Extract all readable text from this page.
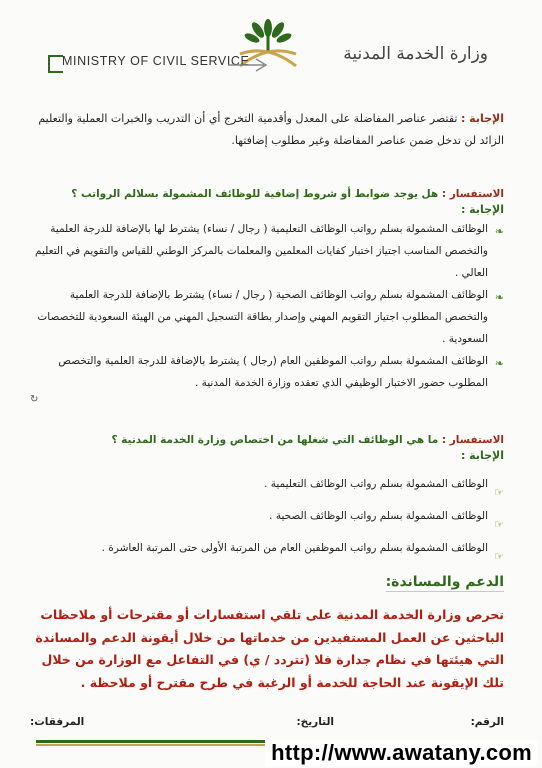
MINISTRY OF CIVIL SERVICE	وزارة الخدمة المدنية
الإجابة : تقتصر عناصر المفاضلة على المعدل وأقدمية التخرج أي أن التدريب والخبرات العملية والتعليم الزائد لن تدخل ضمن عناصر المفاضلة وغير مطلوب إضافتها.
الاستفسار : هل يوجد ضوابط أو شروط إضافية للوظائف المشمولة بسلالم الرواتب ؟
الإجابة :
❧
الوظائف المشمولة بسلم رواتب الوظائف التعليمية ( رجال / نساء) يشترط لها بالإضافة للدرجة العلمية والتخصص المناسب اجتياز اختبار كفايات المعلمين والمعلمات بالمركز الوطني للقياس والتقويم في التعليم العالي .
❧
الوظائف المشمولة بسلم رواتب الوظائف الصحية ( رجال / نساء) يشترط بالإضافة للدرجة العلمية والتخصص المطلوب اجتياز التقويم المهني وإصدار بطاقة التسجيل المهني من الهيئة السعودية للتخصصات السعودية .
❧
الوظائف المشمولة بسلم رواتب الموظفين العام (رجال ) يشترط بالإضافة للدرجة العلمية والتخصص المطلوب حضور الاختبار الوظيفي الذي تعقده وزارة الخدمة المدنية .
↻
الاستفسار : ما هي الوظائف التي شغلها من اختصاص وزارة الخدمة المدنية ؟
الإجابة :
☞
الوظائف المشمولة بسلم رواتب الوظائف التعليمية .
☞
الوظائف المشمولة بسلم رواتب الوظائف الصحية .
☞
الوظائف المشمولة بسلم رواتب الموظفين العام من المرتبة الأولى حتى المرتبة العاشرة .
الدعم والمساندة:
تحرص وزارة الخدمة المدنية على تلقي استفسارات أو مقترحات أو ملاحظات الباحثين عن العمل المستفيدين من خدماتها من خلال أيقونة الدعم والمساندة التي هيئتها في نظام جدارة فلا (تتردد / ي) في التفاعل مع الوزارة من خلال تلك الإيقونة عند الحاجة للخدمة أو الرغبة في طرح مقترح أو ملاحظة .
الرقم:
التاريخ:
المرفقات:
http://www.awatany.com
